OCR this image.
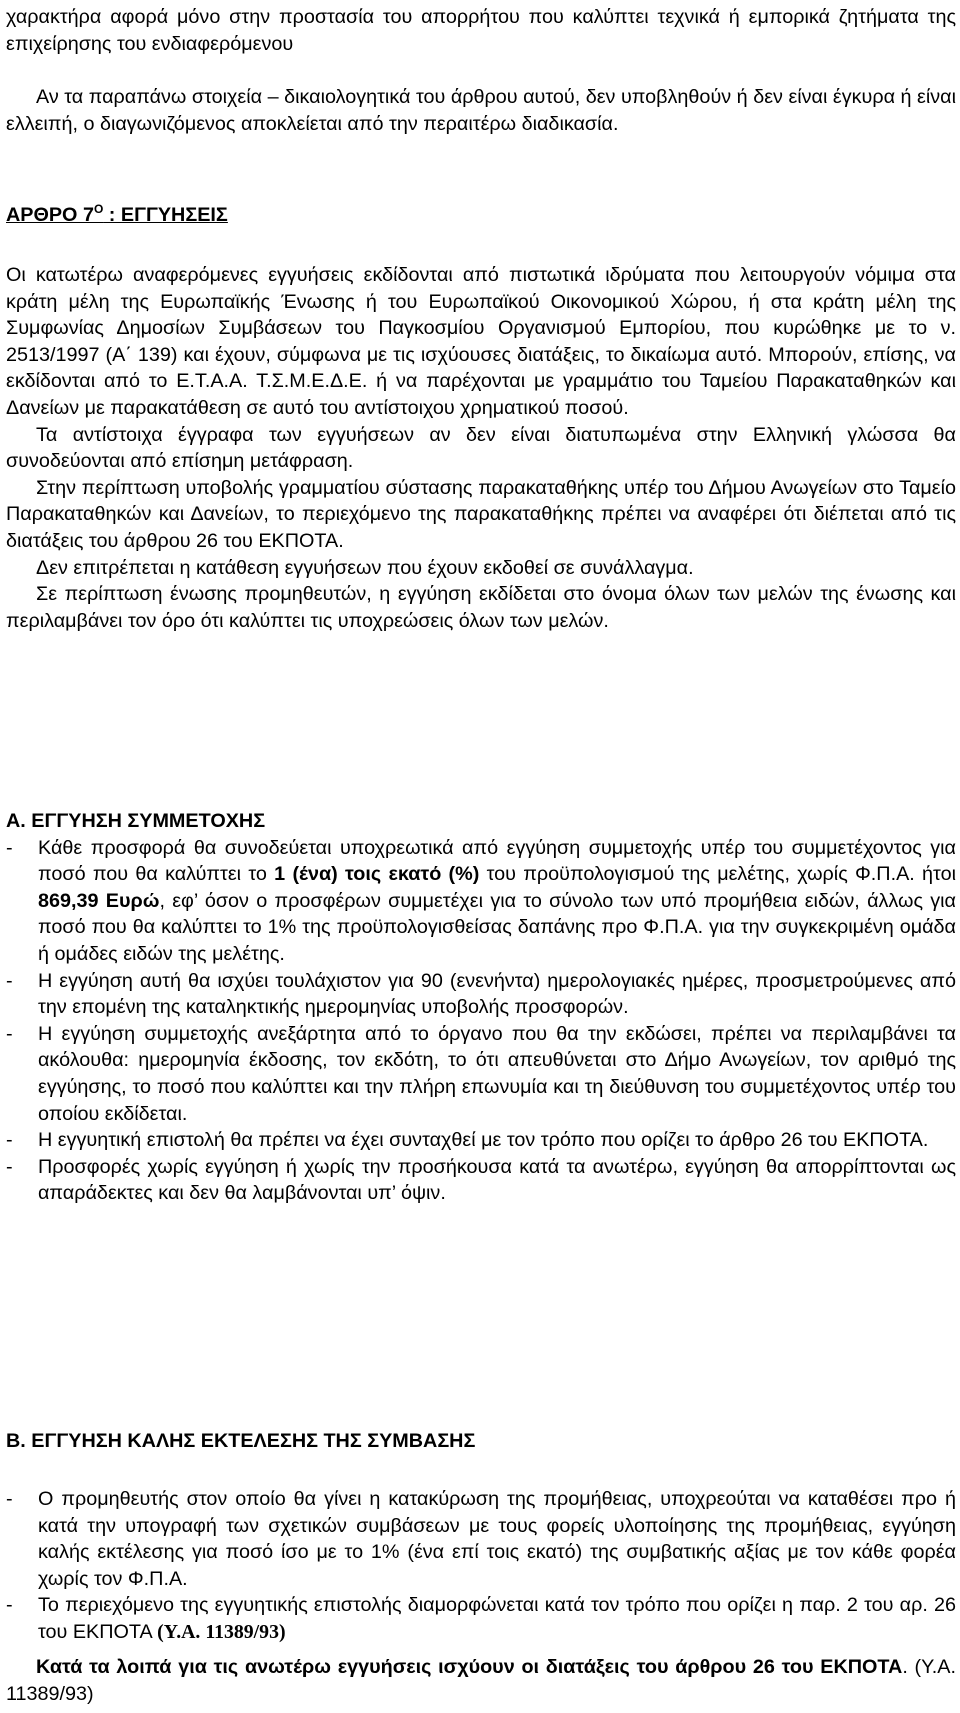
χαρακτήρα αφορά μόνο στην προστασία του απορρήτου που καλύπτει τεχνικά ή εμπορικά ζητήματα της επιχείρησης του ενδιαφερόμενου

Αν τα παραπάνω στοιχεία – δικαιολογητικά του άρθρου αυτού, δεν υποβληθούν ή δεν είναι έγκυρα ή είναι ελλειπή, ο διαγωνιζόμενος αποκλείεται από την περαιτέρω διαδικασία.

ΑΡΘΡΟ $7^O$ : ΕΓΓΥΗΣΕΙΣ

Οι κατωτέρω αναφερόμενες εγγυήσεις εκδίδονται από πιστωτικά ιδρύματα που λειτουργούν νόμιμα στα κράτη μέλη της Ευρωπαϊκής Ένωσης ή του Ευρωπαϊκού Οικονομικού Χώρου, ή στα κράτη μέλη της Συμφωνίας Δημοσίων Συμβάσεων του Παγκοσμίου Οργανισμού Εμπορίου, που κυρώθηκε με το ν. 2513/1997 (Α΄ 139) και έχουν, σύμφωνα με τις ισχύουσες διατάξεις, το δικαίωμα αυτό. Μπορούν, επίσης, να εκδίδονται από το Ε.Τ.Α.Α. Τ.Σ.Μ.Ε.Δ.Ε. ή να παρέχονται με γραμμάτιο του Ταμείου Παρακαταθηκών και Δανείων με παρακατάθεση σε αυτό του αντίστοιχου χρηματικού ποσού.

Τα αντίστοιχα έγγραφα των εγγυήσεων αν δεν είναι διατυπωμένα στην Ελληνική γλώσσα θα συνοδεύονται από επίσημη μετάφραση.

Στην περίπτωση υποβολής γραμματίου σύστασης παρακαταθήκης υπέρ του Δήμου Ανωγείων στο Ταμείο Παρακαταθηκών και Δανείων, το περιεχόμενο της παρακαταθήκης πρέπει να αναφέρει ότι διέπεται από τις διατάξεις του άρθρου 26 του ΕΚΠΟΤΑ.

Δεν επιτρέπεται η κατάθεση εγγυήσεων που έχουν εκδοθεί σε συνάλλαγμα.

Σε περίπτωση ένωσης προμηθευτών, η εγγύηση εκδίδεται στο όνομα όλων των μελών της ένωσης και περιλαμβάνει τον όρο ότι καλύπτει τις υποχρεώσεις όλων των μελών.

Α. ΕΓΓΥΗΣΗ ΣΥΜΜΕΤΟΧΗΣ
- Κάθε προσφορά θα συνοδεύεται υποχρεωτικά από εγγύηση συμμετοχής υπέρ του συμμετέχοντος για ποσό που θα καλύπτει το 1 (ένα) τοις εκατό (%) του προϋπολογισμού της μελέτης, χωρίς Φ.Π.Α. ήτοι 869,39 Ευρώ, εφ’ όσον ο προσφέρων συμμετέχει για το σύνολο των υπό προμήθεια ειδών, άλλως για ποσό που θα καλύπτει το 1% της προϋπολογισθείσας δαπάνης προ Φ.Π.Α. για την συγκεκριμένη ομάδα ή ομάδες ειδών της μελέτης.
- Η εγγύηση αυτή θα ισχύει τουλάχιστον για 90 (ενενήντα) ημερολογιακές ημέρες, προσμετρούμενες από την επομένη της καταληκτικής ημερομηνίας υποβολής προσφορών.
- Η εγγύηση συμμετοχής ανεξάρτητα από το όργανο που θα την εκδώσει, πρέπει να περιλαμβάνει τα ακόλουθα: ημερομηνία έκδοσης, τον εκδότη, το ότι απευθύνεται στο Δήμο Ανωγείων, τον αριθμό της εγγύησης, το ποσό που καλύπτει και την πλήρη επωνυμία και τη διεύθυνση του συμμετέχοντος υπέρ του οποίου εκδίδεται.
- Η εγγυητική επιστολή θα πρέπει να έχει συνταχθεί με τον τρόπο που ορίζει το άρθρο 26 του ΕΚΠΟΤΑ.
- Προσφορές χωρίς εγγύηση ή χωρίς την προσήκουσα κατά τα ανωτέρω, εγγύηση θα απορρίπτονται ως απαράδεκτες και δεν θα λαμβάνονται υπ’ όψιν.
Β. ΕΓΓΥΗΣΗ ΚΑΛΗΣ ΕΚΤΕΛΕΣΗΣ ΤΗΣ ΣΥΜΒΑΣΗΣ
- Ο προμηθευτής στον οποίο θα γίνει η κατακύρωση της προμήθειας, υποχρεούται να καταθέσει προ ή κατά την υπογραφή των σχετικών συμβάσεων με τους φορείς υλοποίησης της προμήθειας, εγγύηση καλής εκτέλεσης για ποσό ίσο με το 1% (ένα επί τοις εκατό) της συμβατικής αξίας με τον κάθε φορέα χωρίς τον Φ.Π.Α.
- Το περιεχόμενο της εγγυητικής επιστολής διαμορφώνεται κατά τον τρόπο που ορίζει η παρ. 2 του αρ. 26 του ΕΚΠΟΤΑ (Υ.Α. 11389/93)

Κατά τα λοιπά για τις ανωτέρω εγγυήσεις ισχύουν οι διατάξεις του άρθρου 26 του ΕΚΠΟΤΑ. (Υ.Α. 11389/93)
